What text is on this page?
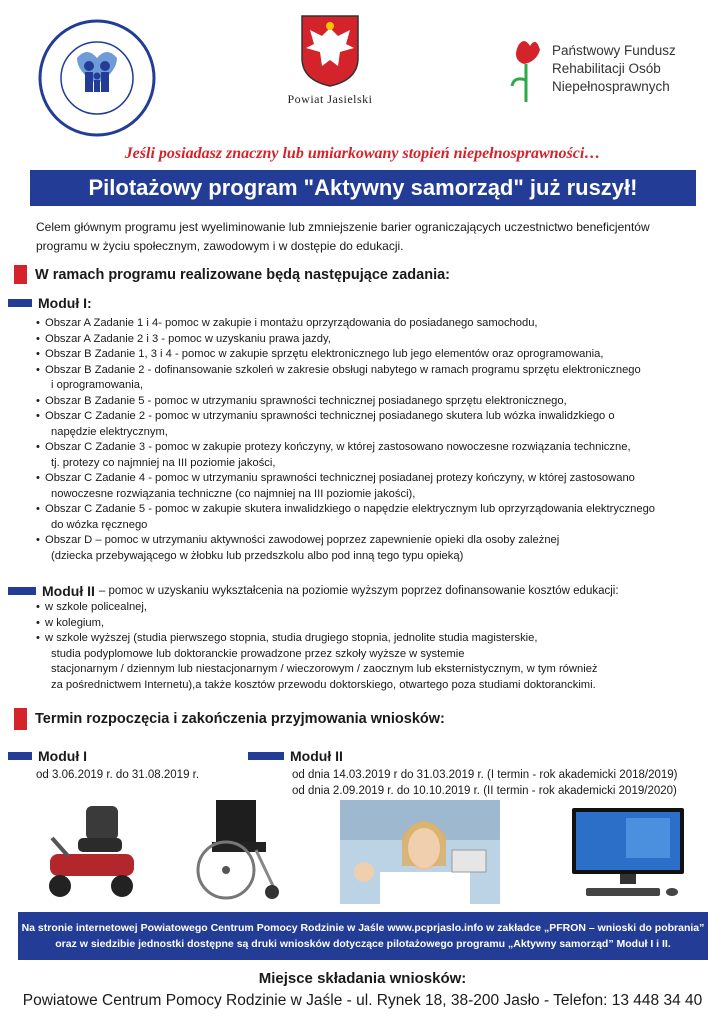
Powiat Jasielski
Państwowy Fundusz
Rehabilitacji Osób
Niepełnosprawnych
Jeśli posiadasz znaczny lub umiarkowany stopień niepełnosprawności…
Pilotażowy program "Aktywny samorząd" już ruszył!
Celem głównym programu jest wyeliminowanie lub zmniejszenie barier ograniczających uczestnictwo beneficjentów programu w życiu społecznym, zawodowym i w dostępie do edukacji.
W ramach programu realizowane będą następujące zadania:
Moduł I:
• Obszar A Zadanie 1 i 4- pomoc w zakupie i montażu oprzyrządowania do posiadanego samochodu,
• Obszar A Zadanie 2 i 3 - pomoc w uzyskaniu prawa jazdy,
• Obszar B Zadanie 1, 3 i 4 - pomoc w zakupie sprzętu elektronicznego lub jego elementów oraz oprogramowania,
• Obszar B Zadanie 2 - dofinansowanie szkoleń w zakresie obsługi nabytego w ramach programu sprzętu elektronicznego
i oprogramowania,
• Obszar B Zadanie 5 - pomoc w utrzymaniu sprawności technicznej posiadanego sprzętu elektronicznego,
• Obszar C Zadanie 2 - pomoc w utrzymaniu sprawności technicznej posiadanego skutera lub wózka inwalidzkiego o
napędzie elektrycznym,
• Obszar C Zadanie 3 - pomoc w zakupie protezy kończyny, w której zastosowano nowoczesne rozwiązania techniczne,
tj. protezy co najmniej na III poziomie jakości,
• Obszar C Zadanie 4 - pomoc w utrzymaniu sprawności technicznej posiadanej protezy kończyny, w której zastosowano
nowoczesne rozwiązania techniczne (co najmniej na III poziomie jakości),
• Obszar C Zadanie 5 - pomoc w zakupie skutera inwalidzkiego o napędzie elektrycznym lub oprzyrządowania elektrycznego
do wózka ręcznego
• Obszar D – pomoc w utrzymaniu aktywności zawodowej poprzez zapewnienie opieki dla osoby zależnej
(dziecka przebywającego w żłobku lub przedszkolu albo pod inną tego typu opieką)
Moduł II – pomoc w uzyskaniu wykształcenia na poziomie wyższym poprzez dofinansowanie kosztów edukacji:
• w szkole policealnej,
• w kolegium,
• w szkole wyższej (studia pierwszego stopnia, studia drugiego stopnia, jednolite studia magisterskie,
studia podyplomowe lub doktoranckie prowadzone przez szkoły wyższe w systemie
stacjonarnym / dziennym lub niestacjonarnym / wieczorowym / zaocznym lub eksternistycznym, w tym również
za pośrednictwem Internetu),a także kosztów przewodu doktorskiego, otwartego poza studiami doktoranckimi.
Termin rozpoczęcia i zakończenia przyjmowania wniosków:
Moduł I
od 3.06.2019 r. do 31.08.2019 r.
Moduł II
od dnia 14.03.2019 r do 31.03.2019 r. (I termin - rok akademicki 2018/2019)
od dnia 2.09.2019 r. do 10.10.2019 r. (II termin - rok akademicki 2019/2020)
Na stronie internetowej Powiatowego Centrum Pomocy Rodzinie w Jaśle www.pcprjaslo.info w zakładce „PFRON – wnioski do pobrania”
oraz w siedzibie jednostki dostępne są druki wniosków dotyczące pilotażowego programu „Aktywny samorząd” Moduł I i II.
Miejsce składania wniosków:
Powiatowe Centrum Pomocy Rodzinie w Jaśle - ul. Rynek 18, 38-200 Jasło - Telefon: 13 448 34 40
